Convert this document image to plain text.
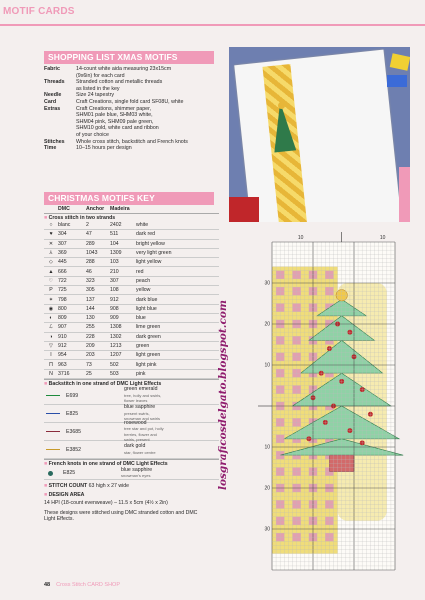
MOTIF CARDS
SHOPPING LIST XMAS MOTIFS
Fabric	14-count white aida measuring 23x15cm
(9x6in) for each card
Threads	Stranded cotton and metallic threads
as listed in the key
Needle	Size 24 tapestry
Card	Craft Creations, single fold card SF08U, white
Extras	Craft Creations, shimmer paper,
SHM01 pale blue, SHM03 white,
SHM04 pink, SHM09 pale green,
SHM10 gold, white card and ribbon
of your choice
Stitches	Whole cross stitch, backstitch and French knots
Time	10–15 hours per design
CHRISTMAS MOTIFS KEY
DMC	Anchor	Madeira
■ Cross stitch in two strands
○	blanc	2	2402	white
♥	304	47	511	dark red
✕ 307	289	104	bright yellow
⅄	369	1043	1309	very light green
◇ 445	288	103	light yellow
▲ 666	46	210	red
♡ 722	323	307	peach
Ρ	725	305	108	yellow
✶ 798	137	912	dark blue
◉ 800	144	908	light blue
◐	809	130	909	blue
ℒ 907	255	1308	lime green
◑	910	228	1302	dark green
▽ 912	209	1213	green
I	954	203	1207	light green
Π 963	73	502	light pink
N 3716	25	503	pink
■ Backstitch in one strand of DMC Light Effects
E699
green emerald
tree, holly and swirls,
flower leaves
E825
blue sapphire
present swirls,
snowman and swirls
E3685
rosewood
tree star and pot, holly
berries, flower and
swirls, present
E3852
dark gold
star, flower centre
■ French knots in one strand of DMC Light Effects
E825
blue sapphire
snowman's eyes
■ STITCH COUNT 63 high x 27 wide
■ DESIGN AREA
14 HPI (18-count evenweave) – 11.5 x 5cm (4½ x 2in)
These designs were stitched using DMC stranded cotton and DMC Light Effects.
losgraficosdelgato.blogspot.com
10	10
30
20
10
10
20
30
48 Cross Stitch CARD SHOP
